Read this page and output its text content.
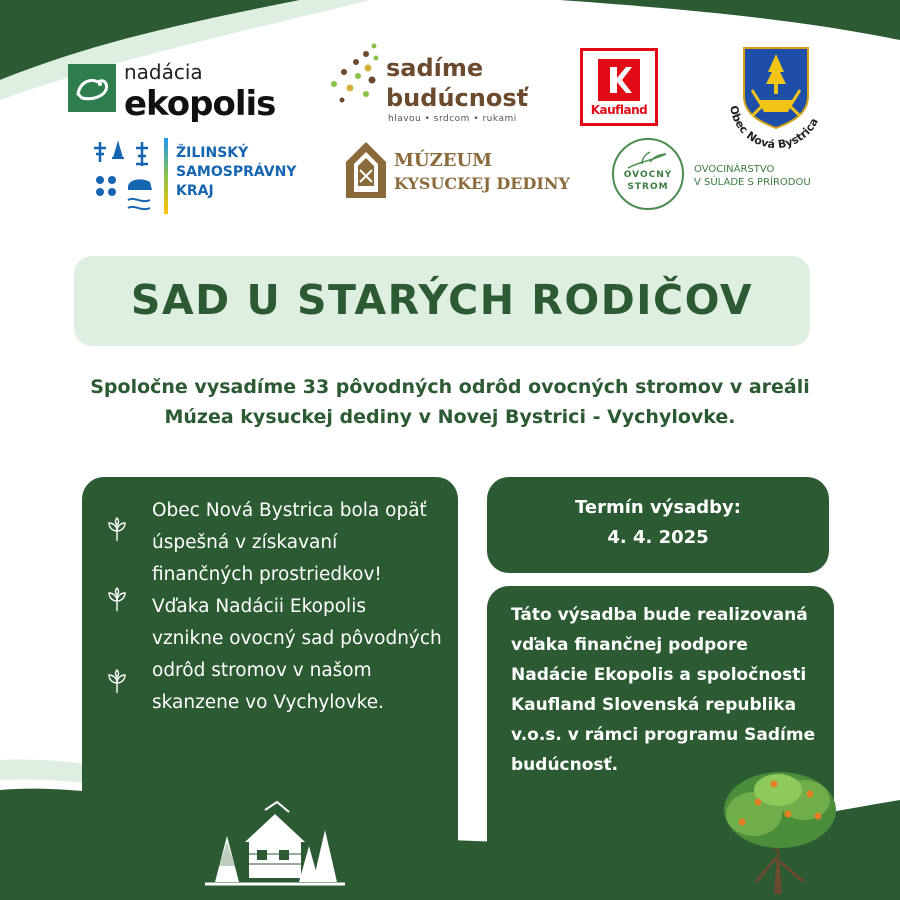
nadácia
ekopolis
sadíme
budúcnosť
hlavou • srdcom • rukami
Kaufland	Obec Nová Bystrica
ŽILINSKÝ
SAMOSPRÁVNY
KRAJ
MÚZEUM
KYSUCKEJ DEDINY	OVOCNÝ
STROM
OVOCINÁRSTVO
V SÚLADE S PRÍRODOU
SAD U STARÝCH RODIČOV
Spoločne vysadíme 33 pôvodných odrôd ovocných stromov v areáli Múzea kysuckej dediny v Novej Bystrici - Vychylovke.
Obec Nová Bystrica bola opäť úspešná v získavaní finančných prostriedkov! Vďaka Nadácii Ekopolis vznikne ovocný sad pôvodných odrôd stromov v našom skanzene vo Vychylovke.
Termín výsadby:
4. 4. 2025
Táto výsadba bude realizovaná vďaka finančnej podpore Nadácie Ekopolis a spoločnosti Kaufland Slovenská republika v.o.s. v rámci programu Sadíme budúcnosť.
